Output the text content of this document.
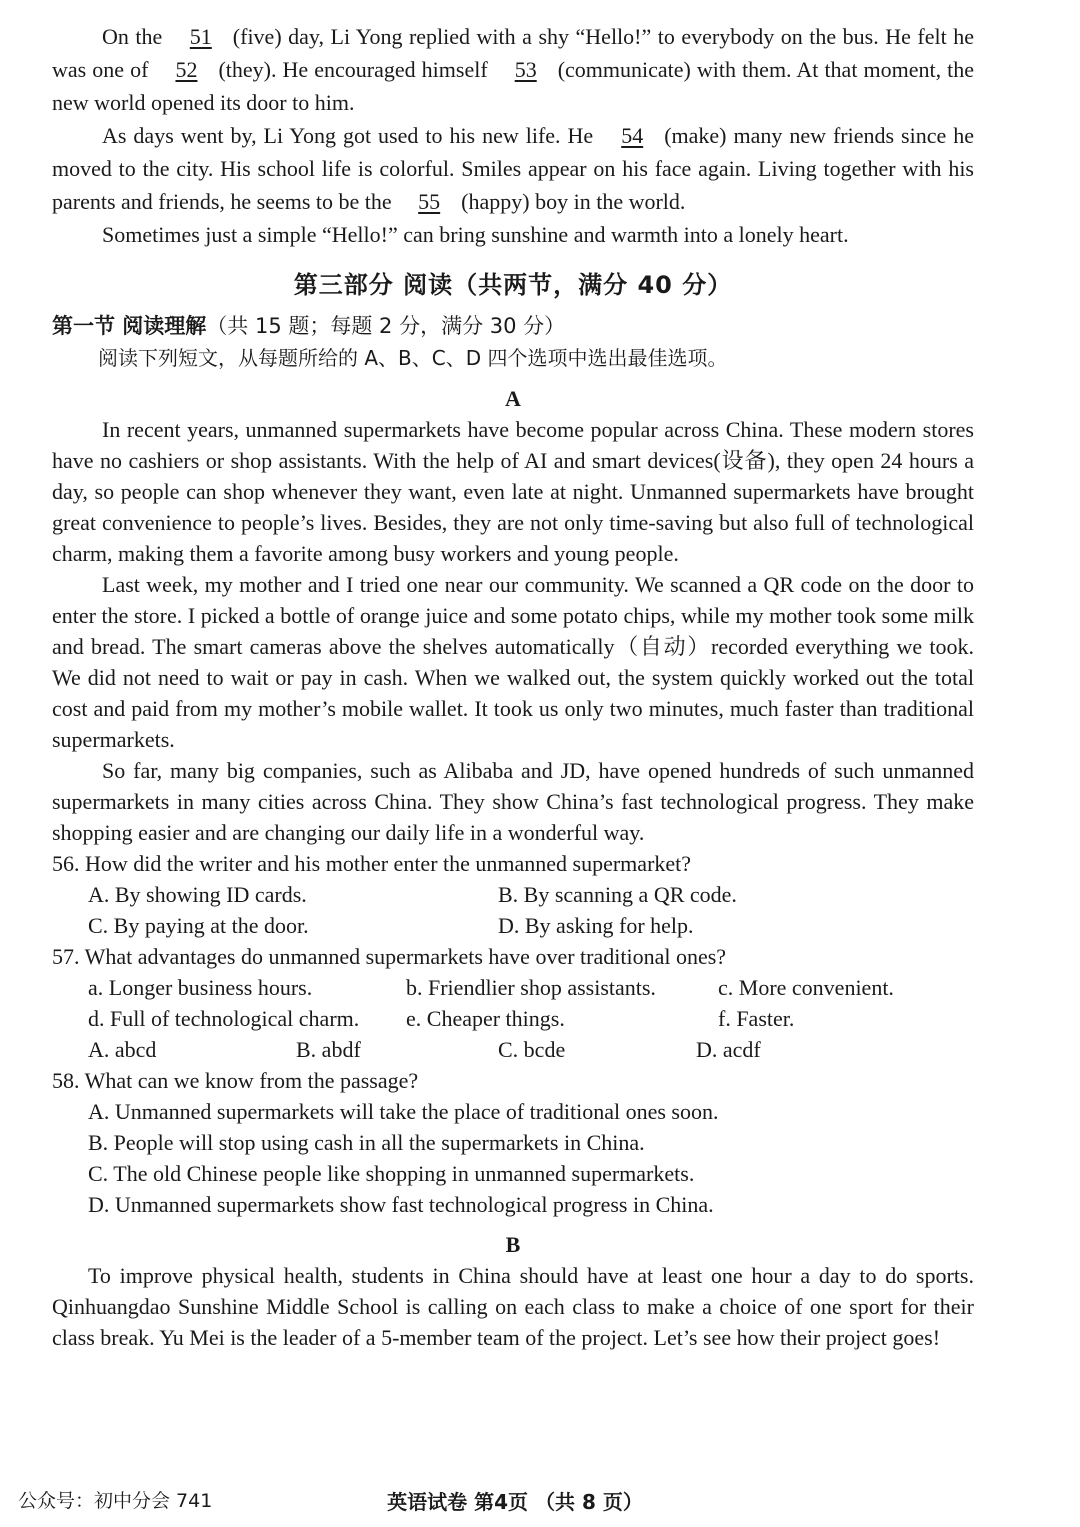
On the 51 (five) day, Li Yong replied with a shy “Hello!” to everybody on the bus. He felt he was one of 52 (they). He encouraged himself 53 (communicate) with them. At that moment, the new world opened its door to him.

As days went by, Li Yong got used to his new life. He 54 (make) many new friends since he moved to the city. His school life is colorful. Smiles appear on his face again. Living together with his parents and friends, he seems to be the 55 (happy) boy in the world.

Sometimes just a simple “Hello!” can bring sunshine and warmth into a lonely heart.

第三部分 阅读（共两节，满分 40 分）
第一节 阅读理解（共 15 题；每题 2 分，满分 30 分）
阅读下列短文，从每题所给的 A、B、C、D 四个选项中选出最佳选项。
A

In recent years, unmanned supermarkets have become popular across China. These modern stores have no cashiers or shop assistants. With the help of AI and smart devices(设备), they open 24 hours a day, so people can shop whenever they want, even late at night. Unmanned supermarkets have brought great convenience to people’s lives. Besides, they are not only time-saving but also full of technological charm, making them a favorite among busy workers and young people.

Last week, my mother and I tried one near our community. We scanned a QR code on the door to enter the store. I picked a bottle of orange juice and some potato chips, while my mother took some milk and bread. The smart cameras above the shelves automatically（自动）recorded everything we took. We did not need to wait or pay in cash. When we walked out, the system quickly worked out the total cost and paid from my mother’s mobile wallet. It took us only two minutes, much faster than traditional supermarkets.

So far, many big companies, such as Alibaba and JD, have opened hundreds of such unmanned supermarkets in many cities across China. They show China’s fast technological progress. They make shopping easier and are changing our daily life in a wonderful way.

56. How did the writer and his mother enter the unmanned supermarket?
A. By showing ID cards.	B. By scanning a QR code.
C. By paying at the door.	D. By asking for help.
57. What advantages do unmanned supermarkets have over traditional ones?
a. Longer business hours.	b. Friendlier shop assistants.	c. More convenient.
d. Full of technological charm.	e. Cheaper things.	f. Faster.
A. abcd	B. abdf	C. bcde	D. acdf
58. What can we know from the passage?
A. Unmanned supermarkets will take the place of traditional ones soon.
B. People will stop using cash in all the supermarkets in China.
C. The old Chinese people like shopping in unmanned supermarkets.
D. Unmanned supermarkets show fast technological progress in China.
B

To improve physical health, students in China should have at least one hour a day to do sports. Qinhuangdao Sunshine Middle School is calling on each class to make a choice of one sport for their class break. Yu Mei is the leader of a 5-member team of the project. Let’s see how their project goes!

公众号：初中分会 741	英语试卷 第4页 （共 8 页）
